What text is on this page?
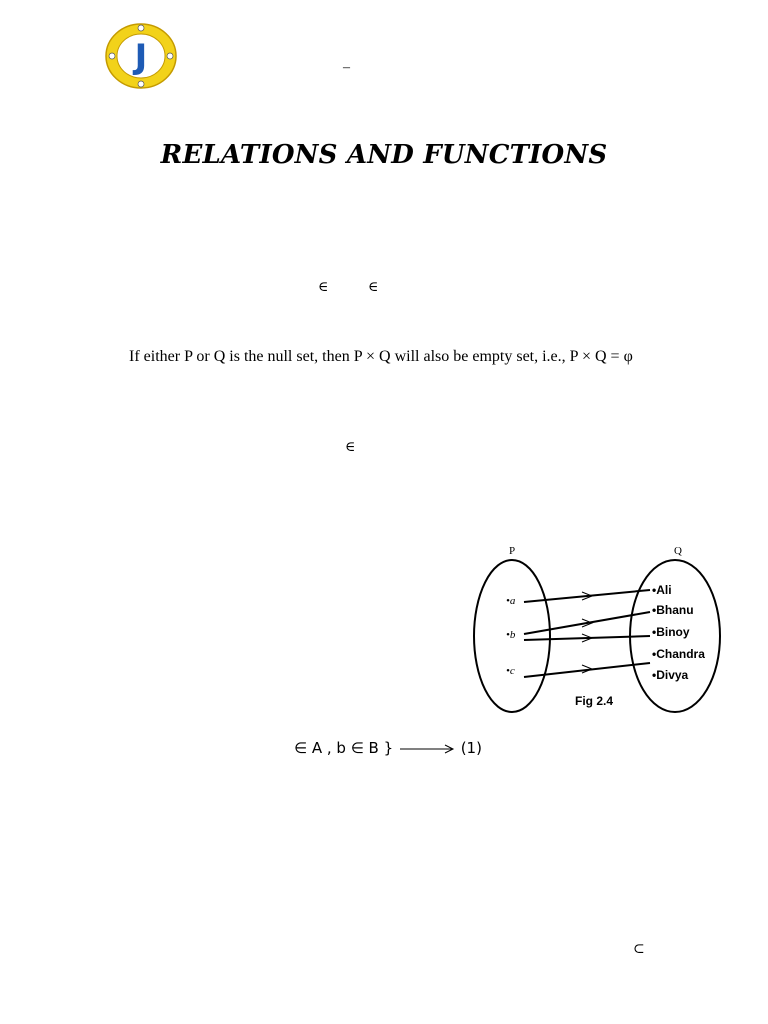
J	–
RELATIONS AND FUNCTIONS
∈	∈
If either P or Q is the null set, then P × Q will also be empty set, i.e., P × Q = φ
∈
P	Q
•a
•b
•c
•Ali
•Bhanu
•Binoy
•Chandra
•Divya
Fig 2.4
∈ A , b ∈ B }	(1)
⊂
